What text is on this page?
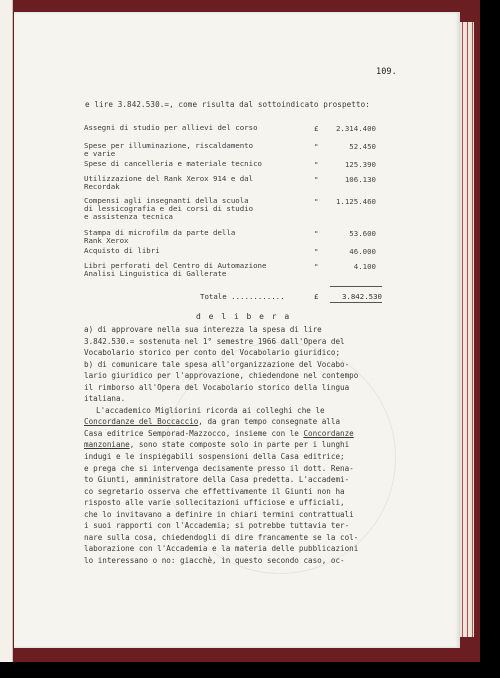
109.
e lire 3.842.530.=, come risulta dal sottoindicato prospetto:
Assegni di studio per allievi del corso	£ 2.314.400
Spese per illuminazione, riscaldamento
e varie
"	52.450
Spese di cancelleria e materiale tecnico	"	125.390
Utilizzazione del Rank Xerox 914 e dal
Recordak
"	106.130
Compensi agli insegnanti della scuola
di lessicografia e dei corsi di studio
e assistenza tecnica
" 1.125.460
Stampa di microfilm da parte della
Rank Xerox
"	53.600
Acquisto di libri	"	46.000
Libri perforati del Centro di Automazione
Analisi Linguistica di Gallerate
"	4.100
Totale ............	£	3.842.530
d e l i b e r a
a) di approvare nella sua interezza la spesa di lire
3.842.530.= sostenuta nel 1° semestre 1966 dall'Opera del
Vocabolario storico per conto del Vocabolario giuridico;
b) di comunicare tale spesa all'organizzazione del Vocabo-
lario giuridico per l'approvazione, chiedendone nel contempo
il rimborso all'Opera del Vocabolario storico della lingua
italiana.
L'accademico Migliorini ricorda ai colleghi che le
Concordanze del Boccaccio, da gran tempo consegnate alla
Casa editrice Semporad-Mazzocco, insieme con le Concordanze
manzoniane, sono state composte solo in parte per i lunghi
indugi e le inspiegabili sospensioni della Casa editrice;
e prega che si intervenga decisamente presso il dott. Rena-
to Giunti, amministratore della Casa predetta. L'accademi-
co segretario osserva che effettivamente il Giunti non ha
risposto alle varie sollecitazioni ufficiose e ufficiali,
che lo invitavano a definire in chiari termini contrattuali
i suoi rapporti con l'Accademia; si potrebbe tuttavia ter-
nare sulla cosa, chiedendogli di dire francamente se la col-
laborazione con l'Accademia e la materia delle pubblicazioni
lo interessano o no: giacchè, in questo secondo caso, oc-
